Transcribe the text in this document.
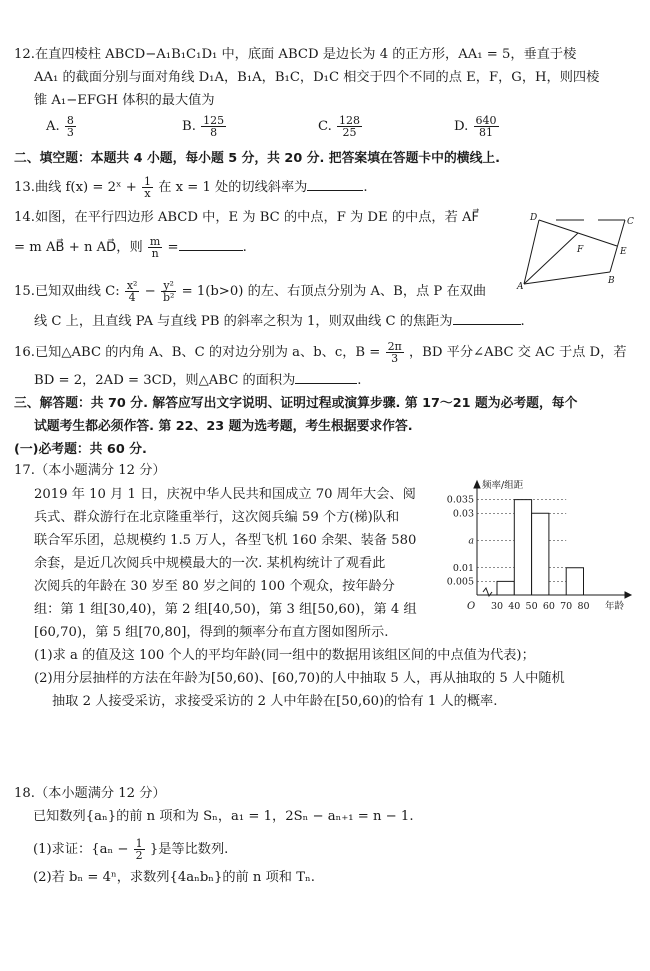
12.在直四棱柱 ABCD−A₁B₁C₁D₁ 中，底面 ABCD 是边长为 4 的正方形，AA₁ = 5，垂直于棱
AA₁ 的截面分别与面对角线 D₁A，B₁A，B₁C，D₁C 相交于四个不同的点 E，F，G，H，则四棱
锥 A₁−EFGH 体积的最大值为
A. $\frac{8}{3}$	B. $\frac{125}{8}$	C. $\frac{128}{25}$	D. $\frac{640}{81}$
二、填空题：本题共 4 小题，每小题 5 分，共 20 分. 把答案填在答题卡中的横线上.
13.曲线 f(x) = 2ˣ + $\frac{1}{x}$ 在 x = 1 处的切线斜率为	.
14.如图，在平行四边形 ABCD 中，E 为 BC 的中点，F 为 DE 的中点，若 AF⃗
= m AB⃗ + n AD⃗，则 $\frac{m}{n}$ =	.
A
B
C
D
E
F
15.已知双曲线 C: $\frac{\text{x²}}{4} - \frac{\text{y²}}{\text{b²}} = 1(b>0)$ 的左、右顶点分别为 A、B，点 P 在双曲
线 C 上，且直线 PA 与直线 PB 的斜率之积为 1，则双曲线 C 的焦距为	.
16.已知△ABC 的内角 A、B、C 的对边分别为 a、b、c，$B = \frac{2\pi}{3}$ ，BD 平分∠ABC 交 AC 于点 D，若
BD = 2，2AD = 3CD，则△ABC 的面积为	.
三、解答题：共 70 分. 解答应写出文字说明、证明过程或演算步骤. 第 17～21 题为必考题，每个
试题考生都必须作答. 第 22、23 题为选考题，考生根据要求作答.
(一)必考题：共 60 分.
17.（本小题满分 12 分）
2019 年 10 月 1 日，庆祝中华人民共和国成立 70 周年大会、阅
兵式、群众游行在北京隆重举行，这次阅兵编 59 个方(梯)队和
联合军乐团，总规模约 1.5 万人，各型飞机 160 余架、装备 580
余套，是近几次阅兵中规模最大的一次. 某机构统计了观看此
次阅兵的年龄在 30 岁至 80 岁之间的 100 个观众，按年龄分
组：第 1 组[30,40)，第 2 组[40,50)，第 3 组[50,60)，第 4 组
[60,70)，第 5 组[70,80]，得到的频率分布直方图如图所示.
(1)求 a 的值及这 100 个人的平均年龄(同一组中的数据用该组区间的中点值为代表)；
(2)用分层抽样的方法在年龄为[50,60)、[60,70)的人中抽取 5 人，再从抽取的 5 人中随机
抽取 2 人接受采访，求接受采访的 2 人中年龄在[50,60)的恰有 1 人的概率.
0.005
0.01
a
0.03
0.035
30 40 50 60 70 80
频率/组距
年龄
O
18.（本小题满分 12 分）
已知数列{aₙ}的前 n 项和为 Sₙ，a₁ = 1，2Sₙ − aₙ₊₁ = n − 1.
(1)求证：{$a_n - \frac{1}{2}$ }是等比数列.
(2)若 bₙ = 4ⁿ，求数列{4aₙbₙ}的前 n 项和 Tₙ.
